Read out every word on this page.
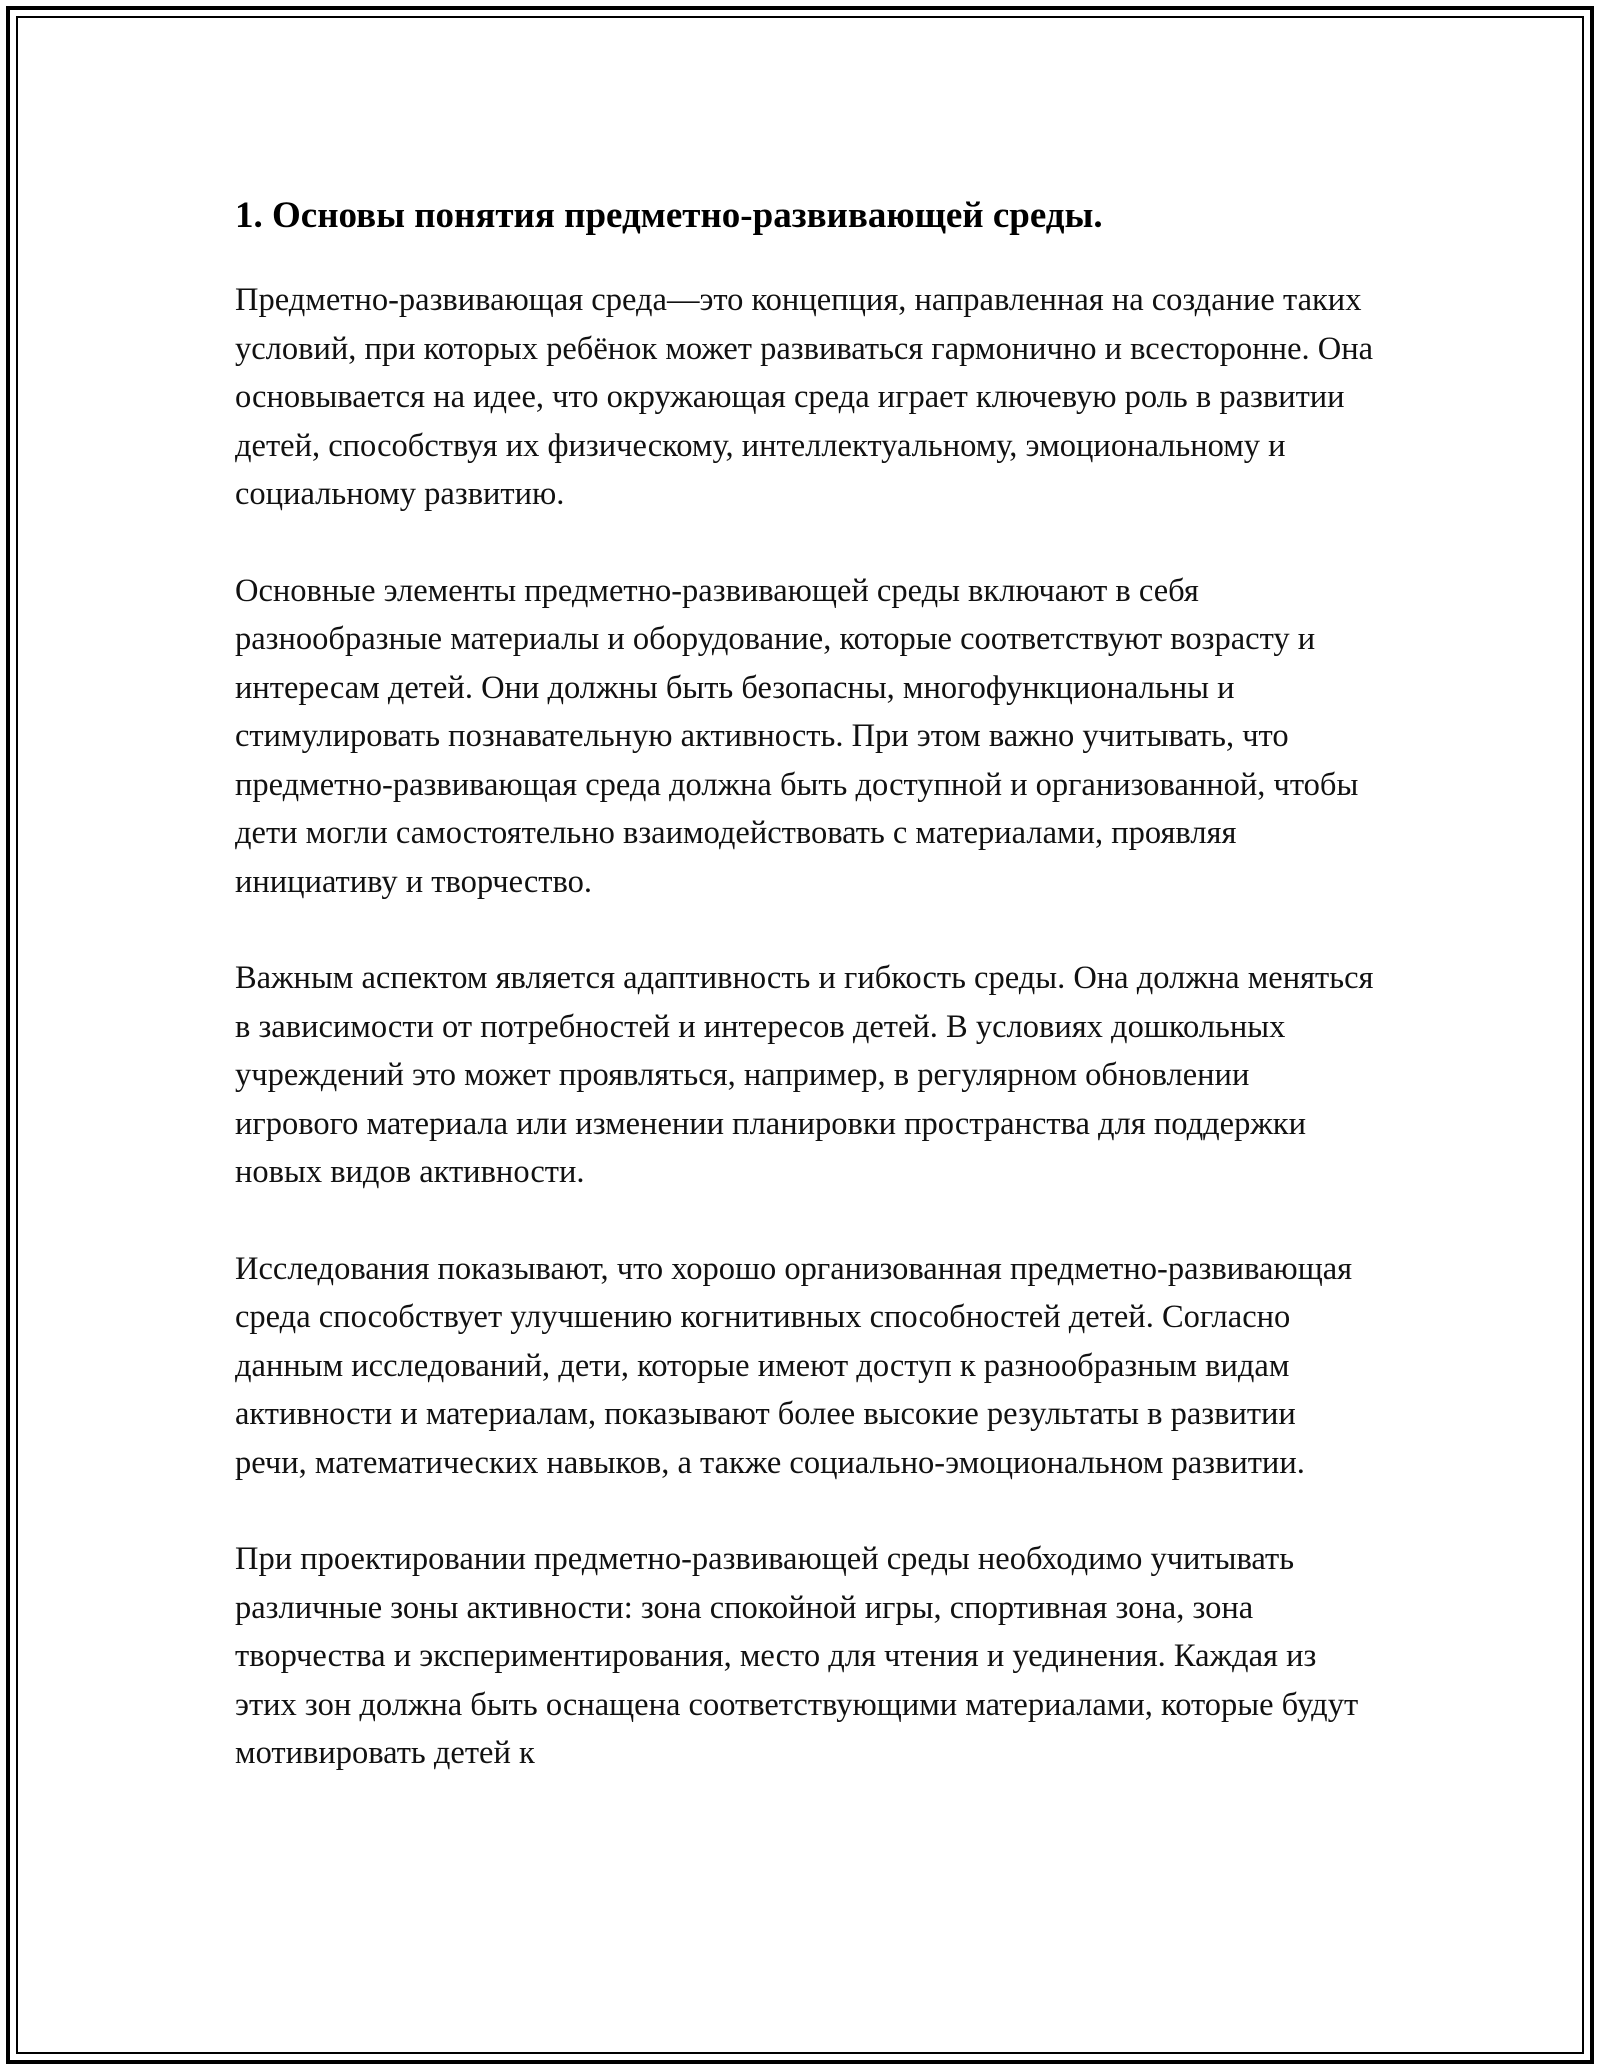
1. Основы понятия предметно-развивающей среды.

Предметно-развивающая среда—это концепция, направленная на создание таких условий, при которых ребёнок может развиваться гармонично и всесторонне. Она основывается на идее, что окружающая среда играет ключевую роль в развитии детей, способствуя их физическому, интеллектуальному, эмоциональному и социальному развитию.

Основные элементы предметно-развивающей среды включают в себя разнообразные материалы и оборудование, которые соответствуют возрасту и интересам детей. Они должны быть безопасны, многофункциональны и стимулировать познавательную активность. При этом важно учитывать, что предметно-развивающая среда должна быть доступной и организованной, чтобы дети могли самостоятельно взаимодействовать с материалами, проявляя инициативу и творчество.

Важным аспектом является адаптивность и гибкость среды. Она должна меняться в зависимости от потребностей и интересов детей. В условиях дошкольных учреждений это может проявляться, например, в регулярном обновлении игрового материала или изменении планировки пространства для поддержки новых видов активности.

Исследования показывают, что хорошо организованная предметно-развивающая среда способствует улучшению когнитивных способностей детей. Согласно данным исследований, дети, которые имеют доступ к разнообразным видам активности и материалам, показывают более высокие результаты в развитии речи, математических навыков, а также социально-эмоциональном развитии.

При проектировании предметно-развивающей среды необходимо учитывать различные зоны активности: зона спокойной игры, спортивная зона, зона творчества и экспериментирования, место для чтения и уединения. Каждая из этих зон должна быть оснащена соответствующими материалами, которые будут мотивировать детей к
